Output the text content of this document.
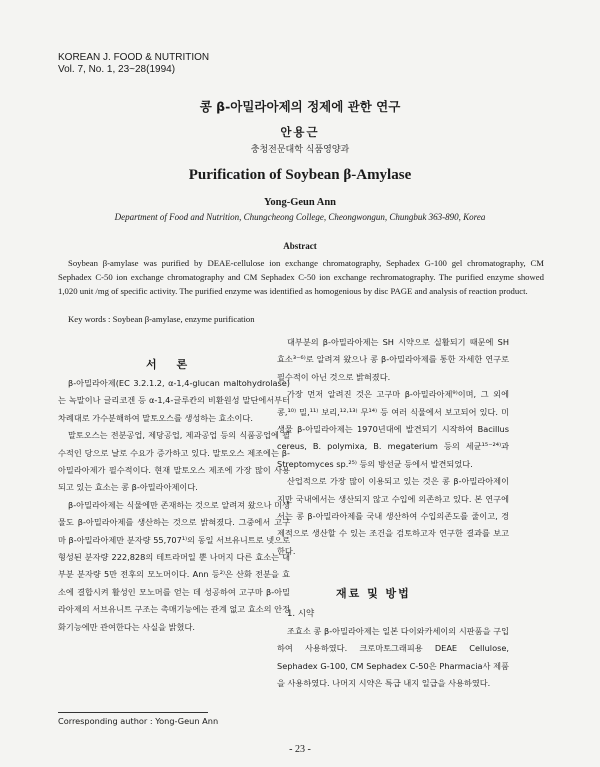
KOREAN J. FOOD & NUTRITION
Vol. 7, No. 1, 23~28(1994)
콩 β-아밀라아제의 정제에 관한 연구
안용근
충청전문대학 식품영양과
Purification of Soybean β-Amylase
Yong-Geun Ann
Department of Food and Nutrition, Chungcheong College, Cheongwongun, Chungbuk 363-890, Korea
Abstract

Soybean β-amylase was purified by DEAE-cellulose ion exchange chromatography, Sephadex G-100 gel chromatography, CM Sephadex C-50 ion exchange chromatography and CM Sephadex C-50 ion exchange rechromatography. The purified enzyme showed 1,020 unit /mg of specific activity. The purified enzyme was identified as homogenious by disc PAGE and analysis of reaction product.

Key words : Soybean β-amylase, enzyme purification
서 론

β-아밀라아제(EC 3.2.1.2, α-1,4-glucan maltohydrolase)는 녹말이나 글리코겐 등 α-1,4-글루칸의 비환원성 말단에서부터 차례대로 가수분해하여 말토오스를 생성하는 효소이다.

말토오스는 전분공업, 제당공업, 제과공업 등의 식품공업에 필수적인 당으로 날로 수요가 증가하고 있다. 말토오스 제조에는 β-아밀라아제가 필수적이다. 현재 말토오스 제조에 가장 많이 사용되고 있는 효소는 콩 β-아밀라아제이다.

β-아밀라아제는 식물에만 존재하는 것으로 알려져 왔으나 미생물도 β-아밀라아제를 생산하는 것으로 밝혀졌다. 그중에서 고구마 β-아밀라아제만 분자량 55,707¹⁾의 동일 서브유니트로 넷으로 형성된 분자량 222,828의 테트라머일 뿐 나머지 다른 효소는 대부분 분자량 5만 전후의 모노머이다. Ann 등²⁾은 산화 전분을 효소에 결합시켜 활성인 모노머를 얻는 데 성공하여 고구마 β-아밀라아제의 서브유니트 구조는 촉매기능에는 관계 없고 효소의 안정화기능에만 관여한다는 사실을 밝혔다.

대부분의 β-아밀라아제는 SH 시약으로 실활되기 때문에 SH 효소³⁻⁶⁾로 알려져 왔으나 콩 β-아밀라아제를 통한 자세한 연구로 필수적이 아닌 것으로 밝혀졌다.

가장 먼저 알려진 것은 고구마 β-아밀라아제⁹⁾이며, 그 외에 콩,¹⁰⁾ 밀,¹¹⁾ 보리,¹²·¹³⁾ 무¹⁴⁾ 등 여러 식물에서 보고되어 있다. 미생물 β-아밀라아제는 1970년대에 발견되기 시작하여 Bacillus cereus, B. polymixa, B. megaterium 등의 세균¹⁵⁻²⁴⁾과 Streptomyces sp.²⁵⁾ 등의 방선균 등에서 발견되었다.

산업적으로 가장 많이 이용되고 있는 것은 콩 β-아밀라아제이지만 국내에서는 생산되지 않고 수입에 의존하고 있다. 본 연구에서는 콩 β-아밀라아제를 국내 생산하여 수입의존도를 줄이고, 경제적으로 생산할 수 있는 조건을 검토하고자 연구한 결과를 보고한다.

재료 및 방법
1. 시약

조효소 콩 β-아밀라아제는 일본 다이와카세이의 시판품을 구입하여 사용하였다. 크로마토그래피용 DEAE Cellulose, Sephadex G-100, CM Sephadex C-50은 Pharmacia사 제품을 사용하였다. 나머지 시약은 특급 내지 일급을 사용하였다.

Corresponding author : Yong-Geun Ann
- 23 -
